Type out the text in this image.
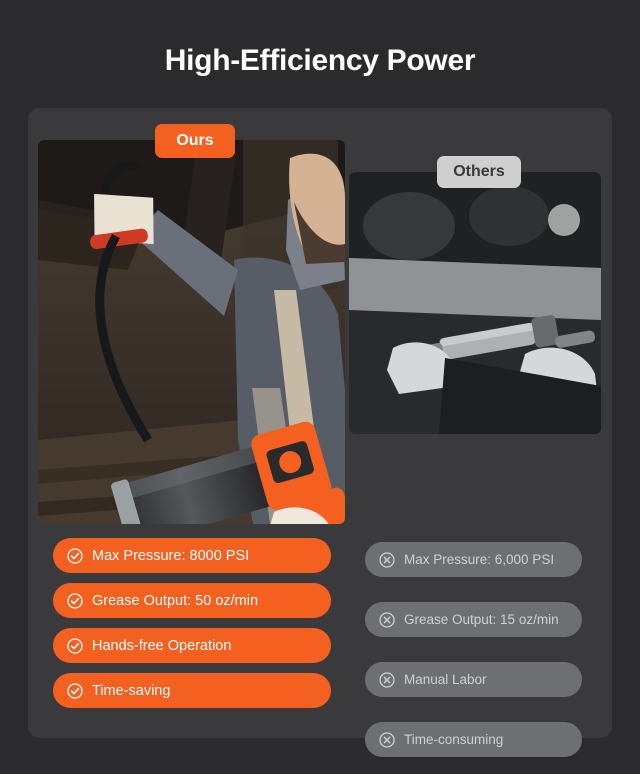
High-Efficiency Power
Ours
Others
Max Pressure: 8000 PSI
Grease Output: 50 oz/min
Hands-free Operation
Time-saving
Max Pressure: 6,000 PSI
Grease Output: 15 oz/min
Manual Labor
Time-consuming
